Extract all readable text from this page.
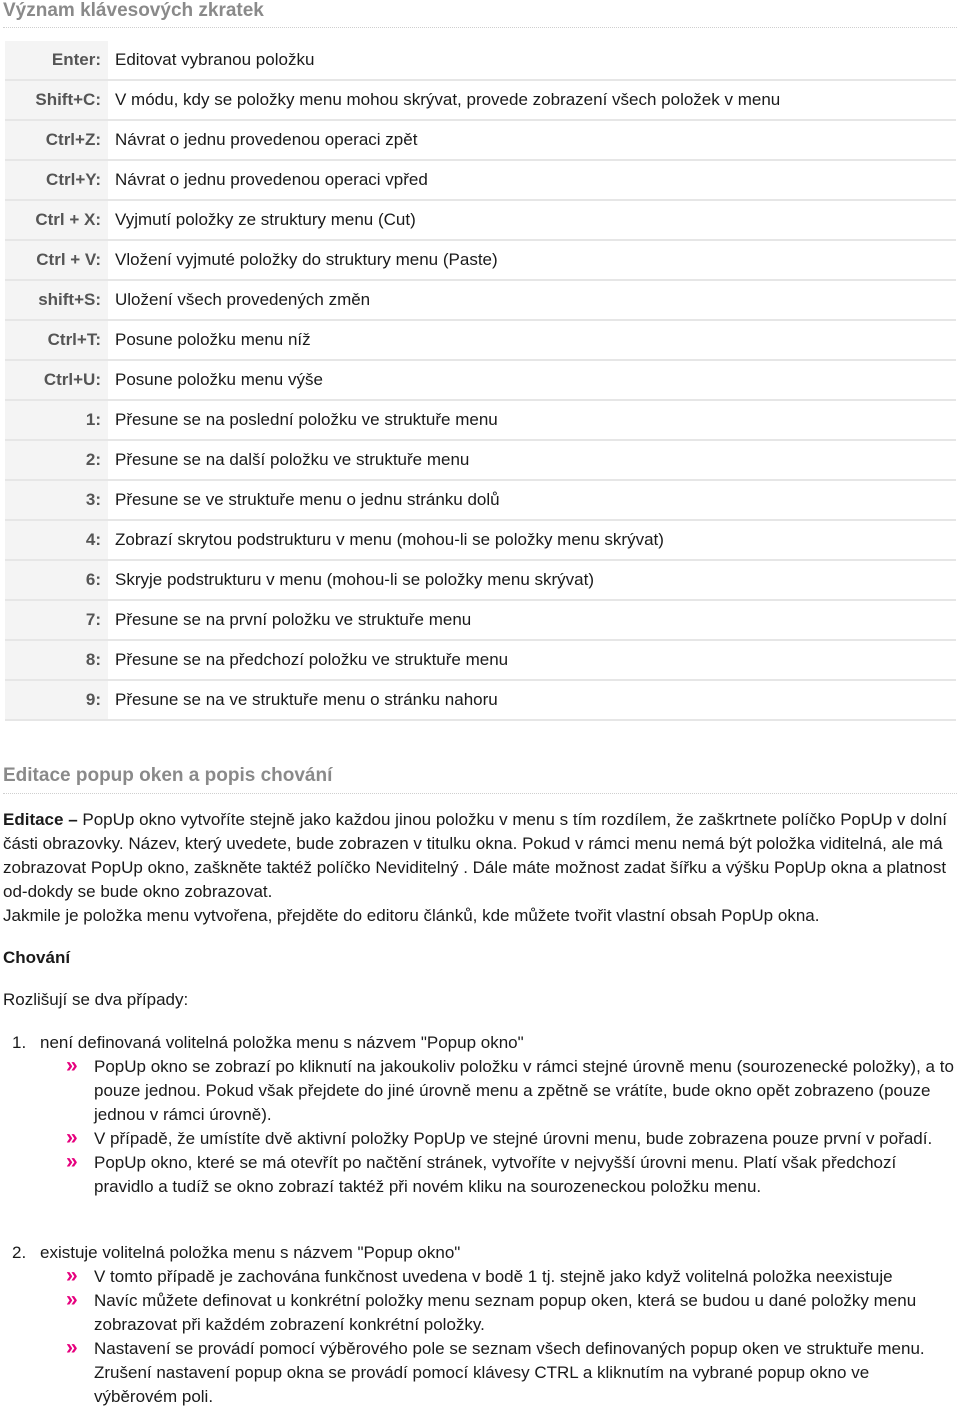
Význam klávesových zkratek
Enter:	Editovat vybranou položku
Shift+C:	V módu, kdy se položky menu mohou skrývat, provede zobrazení všech položek v menu
Ctrl+Z:	Návrat o jednu provedenou operaci zpět
Ctrl+Y:	Návrat o jednu provedenou operaci vpřed
Ctrl + X:	Vyjmutí položky ze struktury menu (Cut)
Ctrl + V:	Vložení vyjmuté položky do struktury menu (Paste)
shift+S:	Uložení všech provedených změn
Ctrl+T:	Posune položku menu níž
Ctrl+U:	Posune položku menu výše
1:	Přesune se na poslední položku ve struktuře menu
2:	Přesune se na další položku ve struktuře menu
3:	Přesune se ve struktuře menu o jednu stránku dolů
4:	Zobrazí skrytou podstrukturu v menu (mohou-li se položky menu skrývat)
6:	Skryje podstrukturu v menu (mohou-li se položky menu skrývat)
7:	Přesune se na první položku ve struktuře menu
8:	Přesune se na předchozí položku ve struktuře menu
9:	Přesune se na ve struktuře menu o stránku nahoru
Editace popup oken a popis chování

Editace – PopUp okno vytvoříte stejně jako každou jinou položku v menu s tím rozdílem, že zaškrtnete políčko PopUp v dolní části obrazovky. Název, který uvedete, bude zobrazen v titulku okna. Pokud v rámci menu nemá být položka viditelná, ale má zobrazovat PopUp okno, zaškněte taktéž políčko Neviditelný . Dále máte možnost zadat šířku a výšku PopUp okna a platnost od-dokdy se bude okno zobrazovat.

Jakmile je položka menu vytvořena, přejděte do editoru článků, kde můžete tvořit vlastní obsah PopUp okna.

Chování

Rozlišují se dva případy:

1. není definovaná volitelná položka menu s názvem "Popup okno"
» PopUp okno se zobrazí po kliknutí na jakoukoliv položku v rámci stejné úrovně menu (sourozenecké položky), a to pouze jednou. Pokud však přejdete do jiné úrovně menu a zpětně se vrátíte, bude okno opět zobrazeno (pouze jednou v rámci úrovně).
» V případě, že umístíte dvě aktivní položky PopUp ve stejné úrovni menu, bude zobrazena pouze první v pořadí.
» PopUp okno, které se má otevřít po načtění stránek, vytvoříte v nejvyšší úrovni menu. Platí však předchozí pravidlo a tudíž se okno zobrazí taktéž při novém kliku na sourozeneckou položku menu.
2. existuje volitelná položka menu s názvem "Popup okno"
» V tomto případě je zachována funkčnost uvedena v bodě 1 tj. stejně jako když volitelná položka neexistuje
» Navíc můžete definovat u konkrétní položky menu seznam popup oken, která se budou u dané položky menu zobrazovat při každém zobrazení konkrétní položky.
» Nastavení se provádí pomocí výběrového pole se seznam všech definovaných popup oken ve struktuře menu. Zrušení nastavení popup okna se provádí pomocí klávesy CTRL a kliknutím na vybrané popup okno ve výběrovém poli.
